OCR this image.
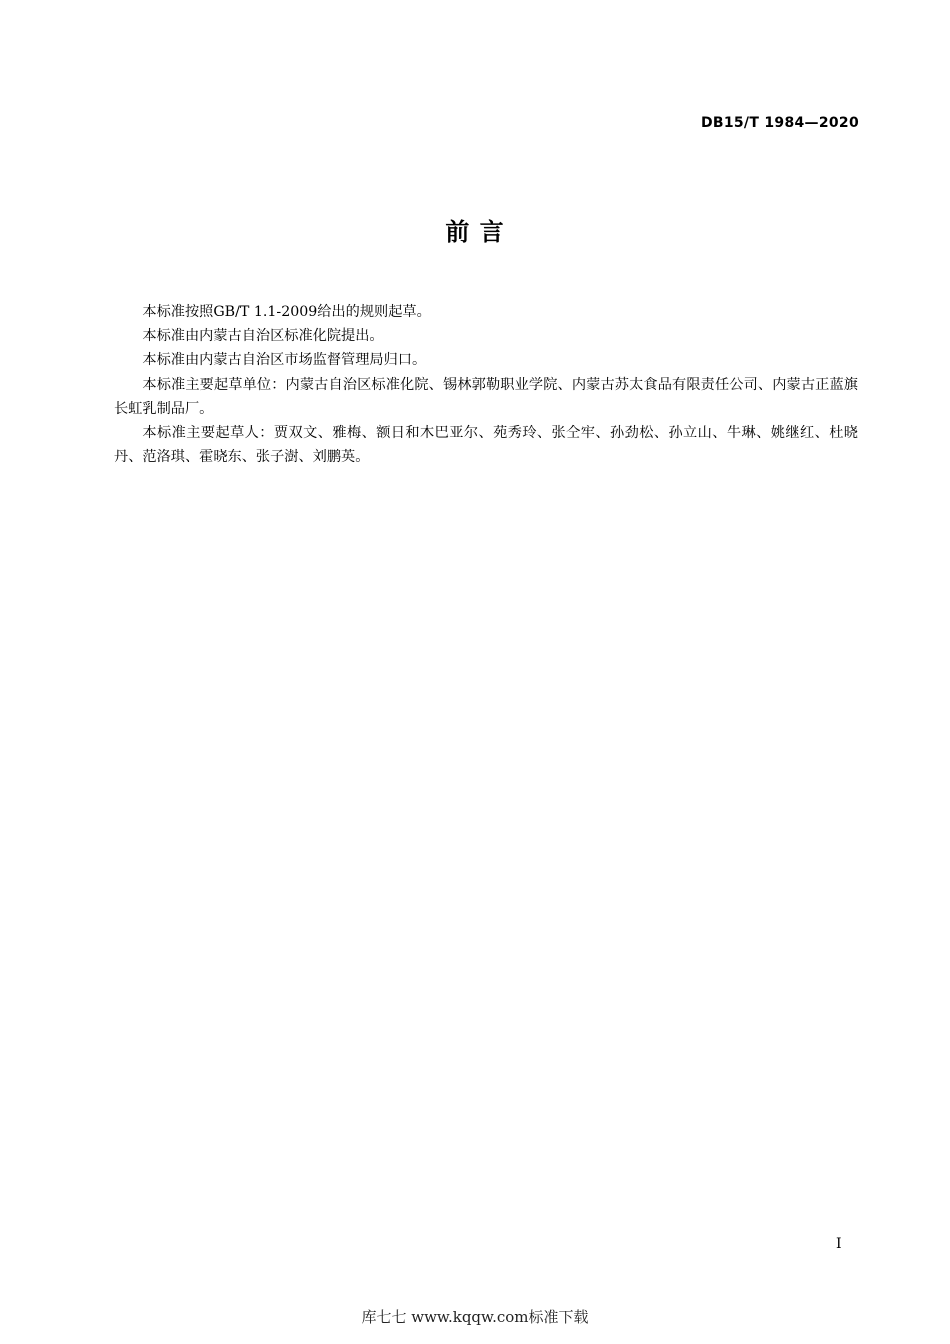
DB15/T 1984—2020
前 言

本标准按照GB/T 1.1-2009给出的规则起草。

本标准由内蒙古自治区标准化院提出。

本标准由内蒙古自治区市场监督管理局归口。

本标准主要起草单位：内蒙古自治区标准化院、锡林郭勒职业学院、内蒙古苏太食品有限责任公司、内蒙古正蓝旗长虹乳制品厂。

本标准主要起草人：贾双文、雅梅、额日和木巴亚尔、苑秀玲、张仝牢、孙劲松、孙立山、牛琳、姚继红、杜晓丹、范洛琪、霍晓东、张子澍、刘鹏英。

I
库七七 www.kqqw.com标准下载
